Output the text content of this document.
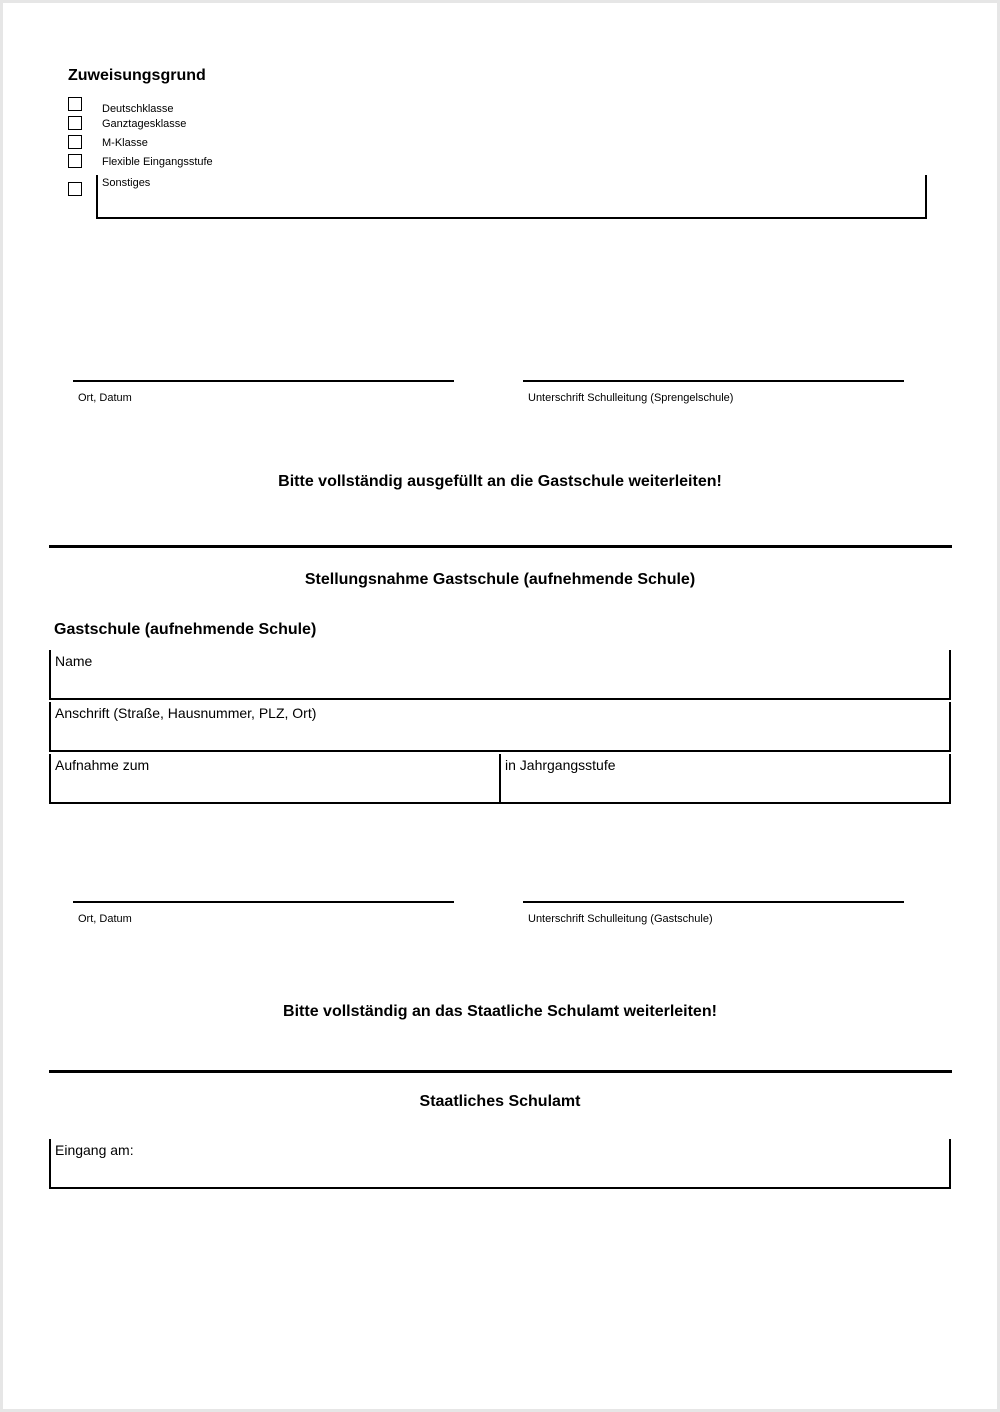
Zuweisungsgrund
Deutschklasse
Ganztagesklasse
M-Klasse
Flexible Eingangsstufe
Sonstiges
Ort, Datum	Unterschrift Schulleitung (Sprengelschule)
Bitte vollständig ausgefüllt an die Gastschule weiterleiten!
Stellungsnahme Gastschule (aufnehmende Schule)
Gastschule (aufnehmende Schule)
Name
Anschrift (Straße, Hausnummer, PLZ, Ort)
Aufnahme zum	in Jahrgangsstufe
Ort, Datum	Unterschrift Schulleitung (Gastschule)
Bitte vollständig an das Staatliche Schulamt weiterleiten!
Staatliches Schulamt
Eingang am:
